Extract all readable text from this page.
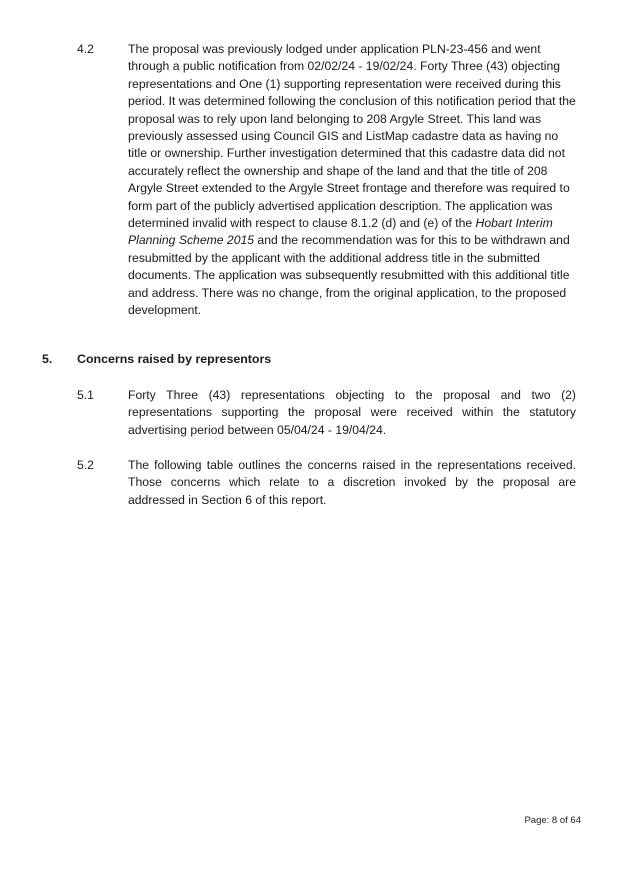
4.2	The proposal was previously lodged under application PLN-23-456 and went
through a public notification from 02/02/24 - 19/02/24. Forty Three (43) objecting
representations and One (1) supporting representation were received during this
period. It was determined following the conclusion of this notification period that the
proposal was to rely upon land belonging to 208 Argyle Street. This land was
previously assessed using Council GIS and ListMap cadastre data as having no
title or ownership. Further investigation determined that this cadastre data did not
accurately reflect the ownership and shape of the land and that the title of 208
Argyle Street extended to the Argyle Street frontage and therefore was required to
form part of the publicly advertised application description. The application was
determined invalid with respect to clause 8.1.2 (d) and (e) of the Hobart Interim
Planning Scheme 2015 and the recommendation was for this to be withdrawn and
resubmitted by the applicant with the additional address title in the submitted
documents. The application was subsequently resubmitted with this additional title
and address. There was no change, from the original application, to the proposed
development.
5. Concerns raised by representors
5.1	Forty Three (43) representations objecting to the proposal and two (2)
representations supporting the proposal were received within the statutory
advertising period between 05/04/24 - 19/04/24.
5.2	The following table outlines the concerns raised in the representations received.
Those concerns which relate to a discretion invoked by the proposal are
addressed in Section 6 of this report.
Page: 8 of 64
